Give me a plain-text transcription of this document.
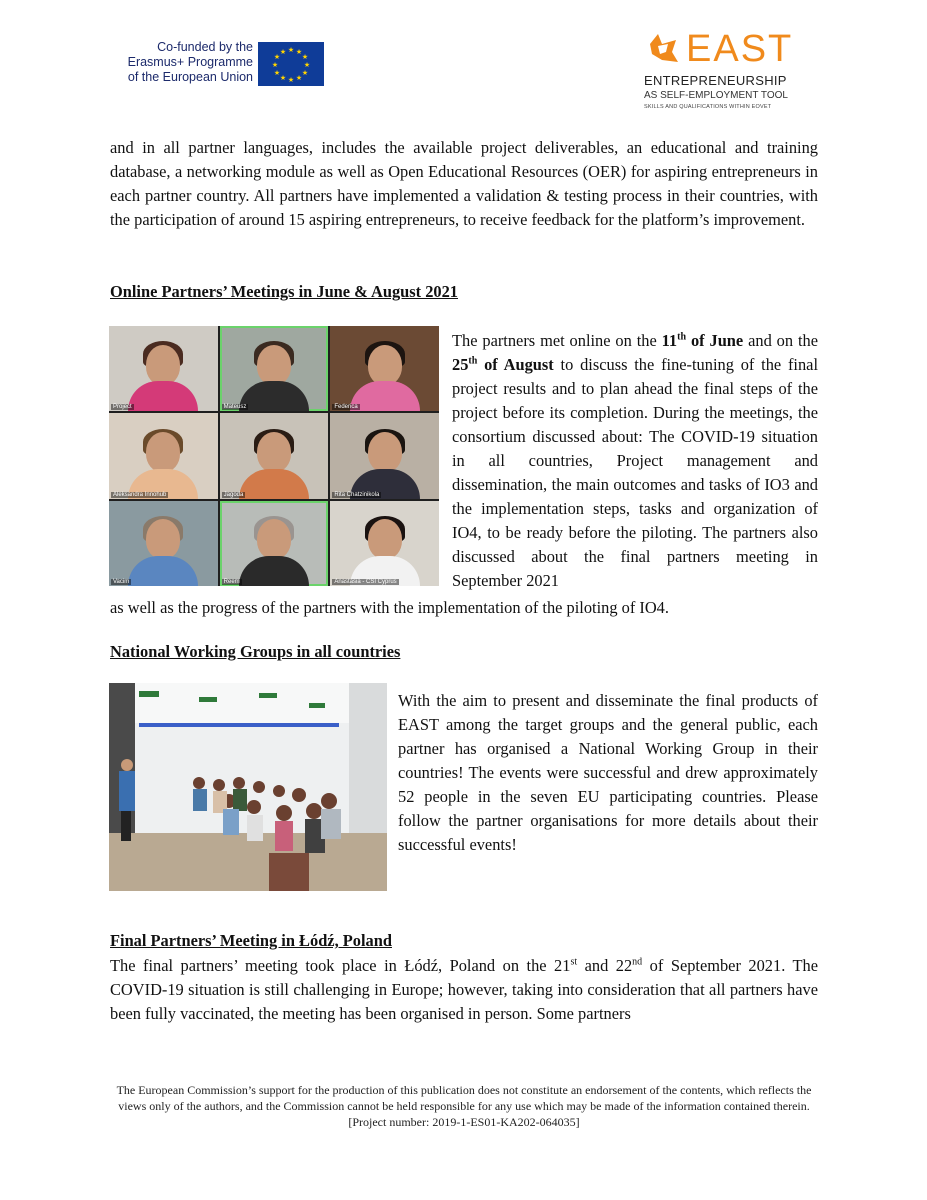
Co-funded by the
Erasmus+ Programme
of the European Union
★ ★
★
★
★
★
★
★
★
★
★
★	EAST
ENTREPRENEURSHIP
AS SELF-EMPLOYMENT TOOL
SKILLS AND QUALIFICATIONS WITHIN EOVET
and in all partner languages, includes the available project deliverables, an educational and training database, a networking module as well as Open Educational Resources (OER) for aspiring entrepreneurs in each partner country. All partners have implemented a validation & testing process in their countries, with the participation of around 15 aspiring entrepreneurs, to receive feedback for the platform’s improvement.
Online Partners’ Meetings in June & August 2021
Project	Mateusz	Federica
Aleksandra Innohub	Jagoda	Rita Chatzinikola
Vacim	Reem	Anastasia - CSI Cyprus
The partners met online on the 11th of June and on the 25th of August to discuss the fine-tuning of the final project results and to plan ahead the final steps of the project before its completion. During the meetings, the consortium discussed about: The COVID-19 situation in all countries, Project management and dissemination, the main outcomes and tasks of IO3 and the implementation steps, tasks and organization of IO4, to be ready before the piloting. The partners also discussed about the final partners meeting in September 2021
as well as the progress of the partners with the implementation of the piloting of IO4.
National Working Groups in all countries
With the aim to present and disseminate the final products of EAST among the target groups and the general public, each partner has organised a National Working Group in their countries! The events were successful and drew approximately 52 people in the seven EU participating countries. Please follow the partner organisations for more details about their successful events!
Final Partners’ Meeting in Łódź, Poland
The final partners’ meeting took place in Łódź, Poland on the 21st and 22nd of September 2021. The COVID-19 situation is still challenging in Europe; however, taking into consideration that all partners have been fully vaccinated, the meeting has been organised in person. Some partners
The European Commission’s support for the production of this publication does not constitute an endorsement of the contents, which reflects the views only of the authors, and the Commission cannot be held responsible for any use which may be made of the information contained therein. [Project number: 2019-1-ES01-KA202-064035]
